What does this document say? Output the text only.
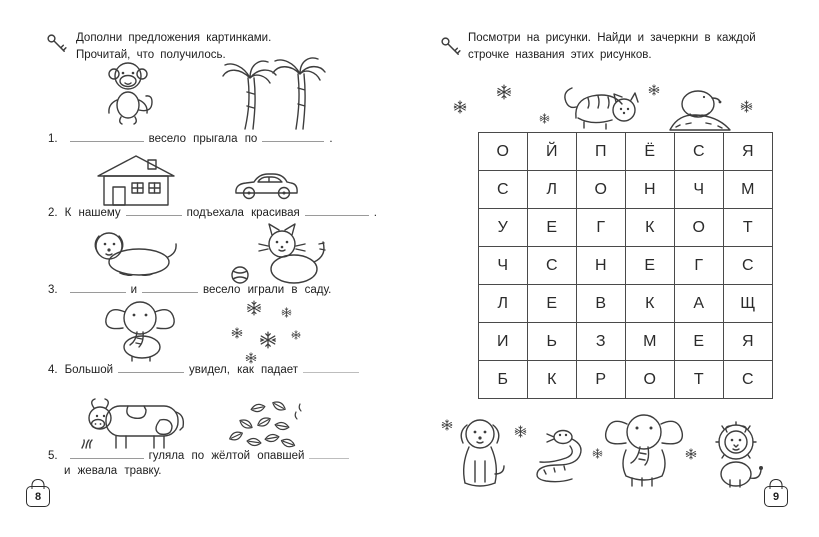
Дополни предложения картинками. Прочитай, что получилось.
1.	весело прыгала по	.
2. К нашему	подъехала красивая	.
3.	и	весело играли в саду.
4. Большой	увидел, как падает
5.	гуляла по жёлтой опавшей
и жевала травку.
8
Посмотри на рисунки. Найди и зачеркни в каждой строчке названия этих рисунков.
О	Й	П	Ё	С	Я
С	Л	О	Н	Ч	М
У	Е	Г	К	О	Т
Ч	С	Н	Е	Г	С
Л	Е	В	К	А	Щ
И	Ь	З	М	Е	Я
Б	К	Р	О	Т	С
9
